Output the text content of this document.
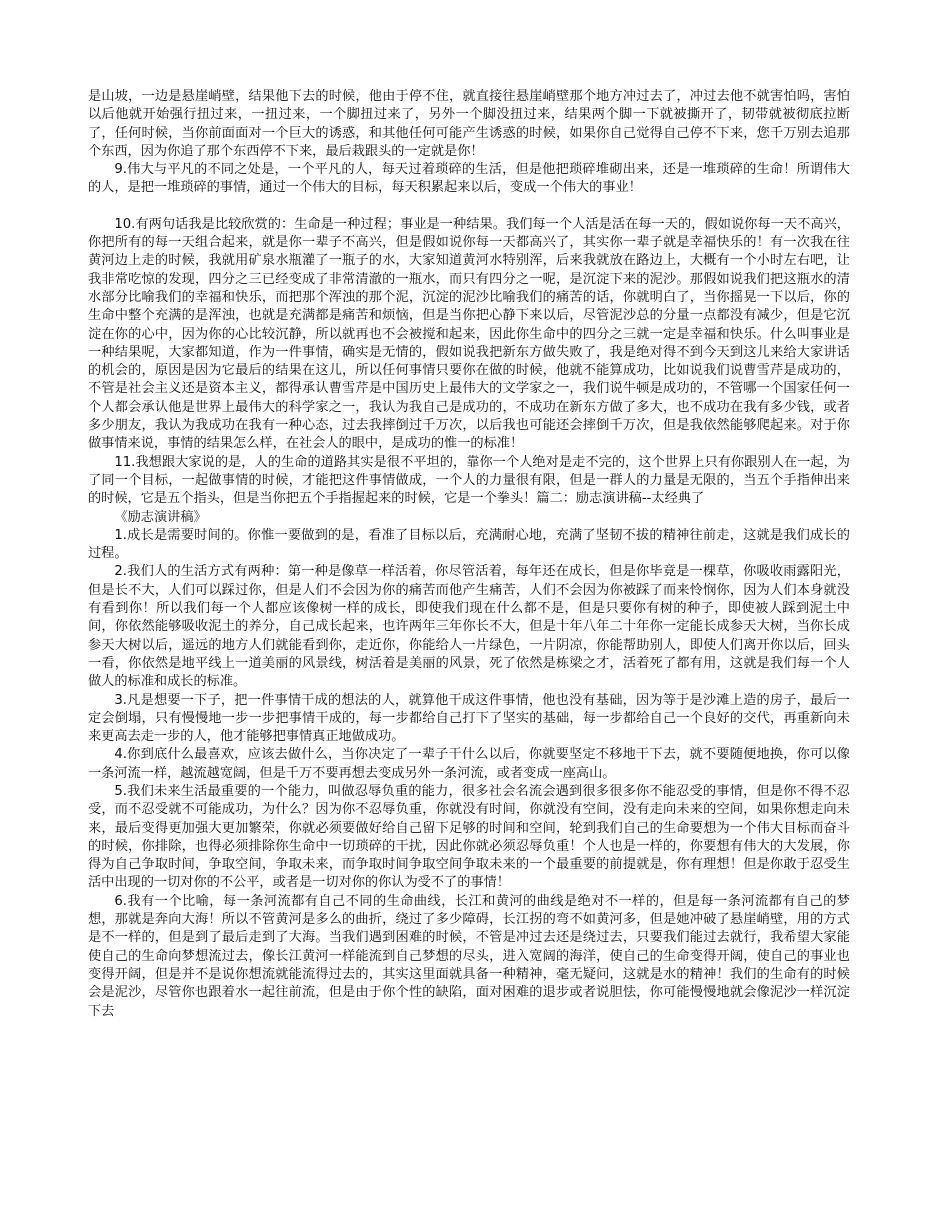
是山坡，一边是悬崖峭壁，结果他下去的时候，他由于停不住，就直接往悬崖峭壁那个地方冲过去了，冲过去他不就害怕吗，害怕以后他就开始强行扭过来，一扭过来，一个脚扭过来了，另外一个脚没扭过来，结果两个脚一下就被撕开了，韧带就被彻底拉断了，任何时候，当你前面面对一个巨大的诱惑，和其他任何可能产生诱惑的时候，如果你自己觉得自己停不下来，您千万别去追那个东西，因为你追了那个东西停不下来，最后栽跟头的一定就是你！

9.伟大与平凡的不同之处是，一个平凡的人，每天过着琐碎的生活，但是他把琐碎堆砌出来，还是一堆琐碎的生命！所谓伟大的人，是把一堆琐碎的事情，通过一个伟大的目标，每天积累起来以后，变成一个伟大的事业！

10.有两句话我是比较欣赏的：生命是一种过程；事业是一种结果。我们每一个人活是活在每一天的，假如说你每一天不高兴，你把所有的每一天组合起来，就是你一辈子不高兴，但是假如说你每一天都高兴了，其实你一辈子就是幸福快乐的！有一次我在往黄河边上走的时候，我就用矿泉水瓶灌了一瓶子的水，大家知道黄河水特别浑，后来我就放在路边上，大概有一个小时左右吧，让我非常吃惊的发现，四分之三已经变成了非常清澈的一瓶水，而只有四分之一呢，是沉淀下来的泥沙。那假如说我们把这瓶水的清水部分比喻我们的幸福和快乐，而把那个浑浊的那个泥，沉淀的泥沙比喻我们的痛苦的话，你就明白了，当你摇晃一下以后，你的生命中整个充满的是浑浊，也就是充满都是痛苦和烦恼，但是当你把心静下来以后，尽管泥沙总的分量一点都没有减少，但是它沉淀在你的心中，因为你的心比较沉静，所以就再也不会被搅和起来，因此你生命中的四分之三就一定是幸福和快乐。什么叫事业是一种结果呢，大家都知道，作为一件事情，确实是无情的，假如说我把新东方做失败了，我是绝对得不到今天到这儿来给大家讲话的机会的，原因是因为它最后的结果在这儿，所以任何事情只要你在做的时候，他就不能算成功，比如说我们说曹雪芹是成功的，不管是社会主义还是资本主义，都得承认曹雪芹是中国历史上最伟大的文学家之一，我们说牛顿是成功的，不管哪一个国家任何一个人都会承认他是世界上最伟大的科学家之一，我认为我自己是成功的，不成功在新东方做了多大，也不成功在我有多少钱，或者多少朋友，我认为我成功在我有一种心态，过去我摔倒过千万次，以后我也可能还会摔倒千万次，但是我依然能够爬起来。对于你做事情来说，事情的结果怎么样，在社会人的眼中，是成功的惟一的标准！

11.我想跟大家说的是，人的生命的道路其实是很不平坦的，靠你一个人绝对是走不完的，这个世界上只有你跟别人在一起，为了同一个目标，一起做事情的时候，才能把这件事情做成，一个人的力量很有限，但是一群人的力量是无限的，当五个手指伸出来的时候，它是五个指头，但是当你把五个手指握起来的时候，它是一个拳头！篇二：励志演讲稿--太经典了

《励志演讲稿》

1.成长是需要时间的。你惟一要做到的是，看准了目标以后，充满耐心地，充满了坚韧不拔的精神往前走，这就是我们成长的过程。

2.我们人的生活方式有两种：第一种是像草一样活着，你尽管活着，每年还在成长，但是你毕竟是一棵草，你吸收雨露阳光，但是长不大，人们可以踩过你，但是人们不会因为你的痛苦而他产生痛苦，人们不会因为你被踩了而来怜悯你，因为人们本身就没有看到你！所以我们每一个人都应该像树一样的成长，即使我们现在什么都不是，但是只要你有树的种子，即使被人踩到泥土中间，你依然能够吸收泥土的养分，自己成长起来，也许两年三年你长不大，但是十年八年二十年你一定能长成参天大树，当你长成参天大树以后，遥远的地方人们就能看到你，走近你，你能给人一片绿色，一片阴凉，你能帮助别人，即使人们离开你以后，回头一看，你依然是地平线上一道美丽的风景线，树活着是美丽的风景，死了依然是栋梁之才，活着死了都有用，这就是我们每一个人做人的标准和成长的标准。

3.凡是想要一下子，把一件事情干成的想法的人，就算他干成这件事情，他也没有基础，因为等于是沙滩上造的房子，最后一定会倒塌，只有慢慢地一步一步把事情干成的，每一步都给自己打下了坚实的基础，每一步都给自己一个良好的交代，再重新向未来更高去走一步的人，他才能够把事情真正地做成功。

4.你到底什么最喜欢，应该去做什么，当你决定了一辈子干什么以后，你就要坚定不移地干下去，就不要随便地换，你可以像一条河流一样，越流越宽阔，但是千万不要再想去变成另外一条河流，或者变成一座高山。

5.我们未来生活最重要的一个能力，叫做忍辱负重的能力，很多社会名流会遇到很多很多你不能忍受的事情，但是你不得不忍受，而不忍受就不可能成功，为什么？因为你不忍辱负重，你就没有时间，你就没有空间，没有走向未来的空间，如果你想走向未来，最后变得更加强大更加繁荣，你就必须要做好给自己留下足够的时间和空间，轮到我们自己的生命要想为一个伟大目标而奋斗的时候，你排除，也得必须排除你生命中一切琐碎的干扰，因此你就必须忍辱负重！个人也是一样的，你要想有伟大的大发展，你得为自己争取时间，争取空间，争取未来，而争取时间争取空间争取未来的一个最重要的前提就是，你有理想！但是你敢于忍受生活中出现的一切对你的不公平，或者是一切对你的你认为受不了的事情！

6.我有一个比喻，每一条河流都有自己不同的生命曲线，长江和黄河的曲线是绝对不一样的，但是每一条河流都有自己的梦想，那就是奔向大海！所以不管黄河是多么的曲折，绕过了多少障碍，长江拐的弯不如黄河多，但是她冲破了悬崖峭壁，用的方式是不一样的，但是到了最后走到了大海。当我们遇到困难的时候，不管是冲过去还是绕过去，只要我们能过去就行，我希望大家能使自己的生命向梦想流过去，像长江黄河一样能流到自己梦想的尽头，进入宽阔的海洋，使自己的生命变得开阔，使自己的事业也变得开阔，但是并不是说你想流就能流得过去的，其实这里面就具备一种精神，毫无疑问，这就是水的精神！我们的生命有的时候会是泥沙，尽管你也跟着水一起往前流，但是由于你个性的缺陷，面对困难的退步或者说胆怯，你可能慢慢地就会像泥沙一样沉淀下去
